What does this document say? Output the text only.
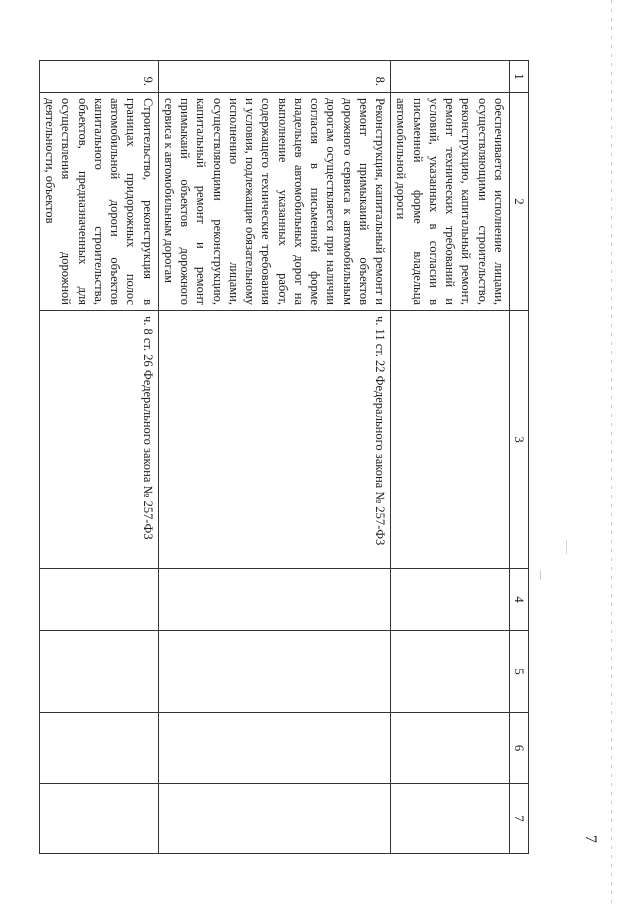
1	2	3	4	5	6	7
	обеспечивается исполнение лицами, осуществляющими строительство, реконструкцию, капитальный ремонт, ремонт технических требований и условий, указанных в согласии в письменной форме владельца автомобильной дороги					
8.	Реконструкция, капитальный ремонт и ремонт примыкаиий объектов дорожного сервиса к автомобильным дорогам осуществляется при наличии согласия в письменной форме владельцев автомобильных дорог на выполнение указанных работ, содержащего технические требования и условия, подлежащие обязательному исполнению лицами, осуществляющими реконструкцию, капитальный ремонт и ремонт примыкаий объектов дорожного сервиса к автомобильным дорогам	ч. 11 ст. 22 Федерального закона № 257-ФЗ				
9.	Строительство, реконструкция в границах придорожных полос автомобильной дороги объектов капитального строительства, объектов, предназначенных для осуществления дорожной деятельности, объектов	ч. 8 ст. 26 Федерального закона № 257-ФЗ				
7
